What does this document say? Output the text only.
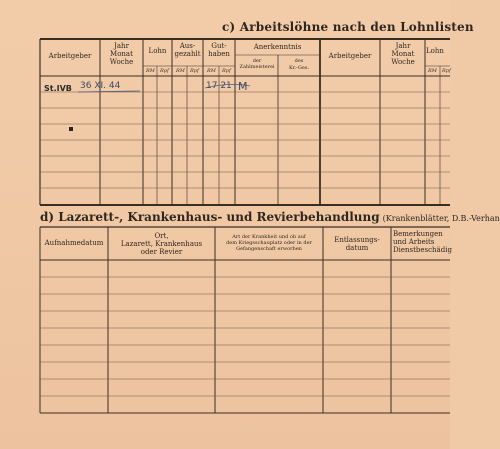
c) Arbeitslöhne nach den Lohnlisten
d) Lazarett-, Krankenhaus- und Revierbehandlung (Krankenblätter, D.B.-Verhan
Arbeitgeber
Jahr
Monat
Woche
Lohn
Aus-
gezahlt
Gut-
haben
Anerkenntnis
der
Zahlmeisterei
des
Kr.-Ges.
Arbeitgeber
Jahr
Monat
Woche
Lohn
RM Rpf RM Rpf RM Rpf	RM Rpf
St.IVB 36 XI. 44	17 21 M
Aufnahmedatum
Ort,
Lazarett, Krankenhaus
oder Revier
Art der Krankheit und ob auf
dem Kriegsschauplatz oder in der
Gefangenschaft erworben
Entlassungs-
datum
Bemerkungen
und Arbeits
Dienstbeschädig
